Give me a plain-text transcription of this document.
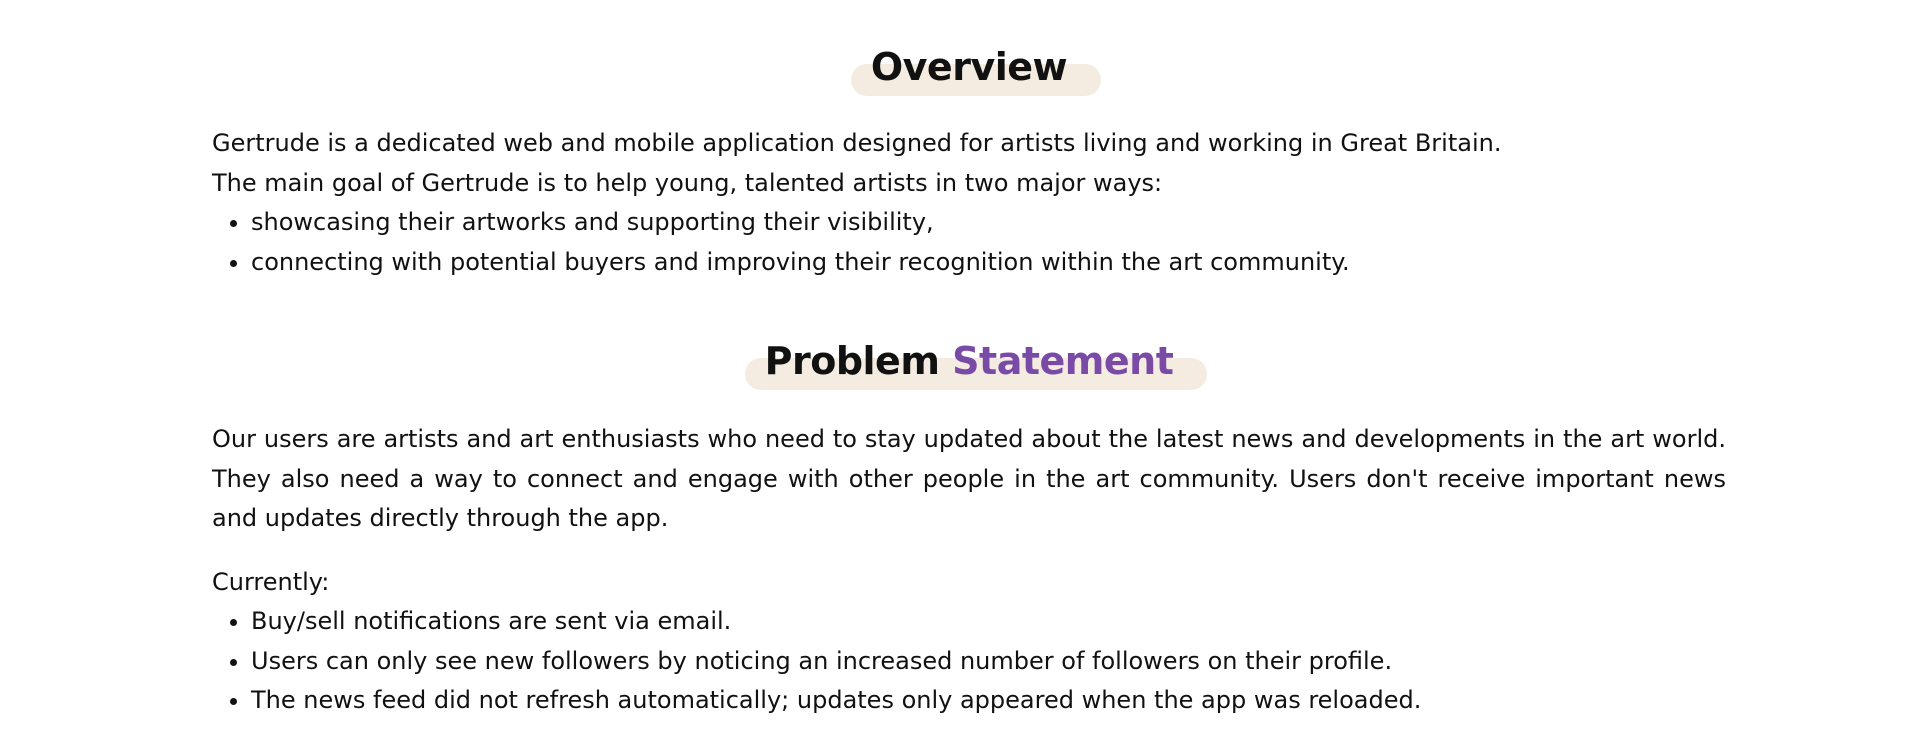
Overview

Gertrude is a dedicated web and mobile application designed for artists living and working in Great Britain.

The main goal of Gertrude is to help young, talented artists in two major ways:

• showcasing their artworks and supporting their visibility,
• connecting with potential buyers and improving their recognition within the art community.
Problem Statement

Our users are artists and art enthusiasts who need to stay updated about the latest news and developments in the art world. They also need a way to connect and engage with other people in the art community. Users don't receive important news and updates directly through the app.

Currently:

• Buy/sell notifications are sent via email.
• Users can only see new followers by noticing an increased number of followers on their profile.
• The news feed did not refresh automatically; updates only appeared when the app was reloaded.
